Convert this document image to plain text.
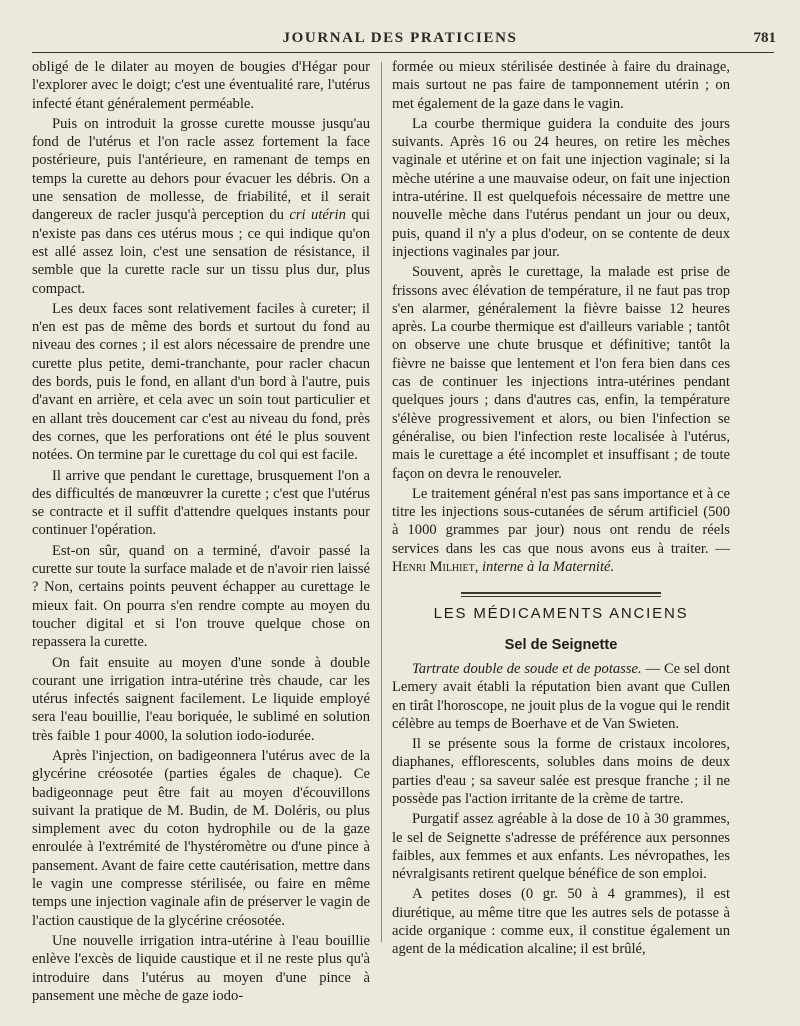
JOURNAL DES PRATICIENS	781

obligé de le dilater au moyen de bougies d'Hégar pour l'explorer avec le doigt; c'est une éventualité rare, l'utérus infecté étant généralement perméable.

Puis on introduit la grosse curette mousse jusqu'au fond de l'utérus et l'on racle assez fortement la face postérieure, puis l'antérieure, en ramenant de temps en temps la curette au dehors pour évacuer les débris. On a une sensation de mollesse, de friabilité, et il serait dangereux de racler jusqu'à perception du cri utérin qui n'existe pas dans ces utérus mous ; ce qui indique qu'on est allé assez loin, c'est une sensation de résistance, il semble que la curette racle sur un tissu plus dur, plus compact.

Les deux faces sont relativement faciles à cureter; il n'en est pas de même des bords et surtout du fond au niveau des cornes ; il est alors nécessaire de prendre une curette plus petite, demi-tranchante, pour racler chacun des bords, puis le fond, en allant d'un bord à l'autre, puis d'avant en arrière, et cela avec un soin tout particulier et en allant très doucement car c'est au niveau du fond, près des cornes, que les perforations ont été le plus souvent notées. On termine par le curettage du col qui est facile.

Il arrive que pendant le curettage, brusquement l'on a des difficultés de manœuvrer la curette ; c'est que l'utérus se contracte et il suffit d'attendre quelques instants pour continuer l'opération.

Est-on sûr, quand on a terminé, d'avoir passé la curette sur toute la surface malade et de n'avoir rien laissé ? Non, certains points peuvent échapper au curettage le mieux fait. On pourra s'en rendre compte au moyen du toucher digital et si l'on trouve quelque chose on repassera la curette.

On fait ensuite au moyen d'une sonde à double courant une irrigation intra-utérine très chaude, car les utérus infectés saignent facilement. Le liquide employé sera l'eau bouillie, l'eau boriquée, le sublimé en solution très faible 1 pour 4000, la solution iodo-iodurée.

Après l'injection, on badigeonnera l'utérus avec de la glycérine créosotée (parties égales de chaque). Ce badigeonnage peut être fait au moyen d'écouvillons suivant la pratique de M. Budin, de M. Doléris, ou plus simplement avec du coton hydrophile ou de la gaze enroulée à l'extrémité de l'hystéromètre ou d'une pince à pansement. Avant de faire cette cautérisation, mettre dans le vagin une compresse stérilisée, ou faire en même temps une injection vaginale afin de préserver le vagin de l'action caustique de la glycérine créosotée.

Une nouvelle irrigation intra-utérine à l'eau bouillie enlève l'excès de liquide caustique et il ne reste plus qu'à introduire dans l'utérus au moyen d'une pince à pansement une mèche de gaze iodo-

formée ou mieux stérilisée destinée à faire du drainage, mais surtout ne pas faire de tamponnement utérin ; on met également de la gaze dans le vagin.

La courbe thermique guidera la conduite des jours suivants. Après 16 ou 24 heures, on retire les mèches vaginale et utérine et on fait une injection vaginale; si la mèche utérine a une mauvaise odeur, on fait une injection intra-utérine. Il est quelquefois nécessaire de mettre une nouvelle mèche dans l'utérus pendant un jour ou deux, puis, quand il n'y a plus d'odeur, on se contente de deux injections vaginales par jour.

Souvent, après le curettage, la malade est prise de frissons avec élévation de température, il ne faut pas trop s'en alarmer, généralement la fièvre baisse 12 heures après. La courbe thermique est d'ailleurs variable ; tantôt on observe une chute brusque et définitive; tantôt la fièvre ne baisse que lentement et l'on fera bien dans ces cas de continuer les injections intra-utérines pendant quelques jours ; dans d'autres cas, enfin, la température s'élève progressivement et alors, ou bien l'infection se généralise, ou bien l'infection reste localisée à l'utérus, mais le curettage a été incomplet et insuffisant ; de toute façon on devra le renouveler.

Le traitement général n'est pas sans importance et à ce titre les injections sous-cutanées de sérum artificiel (500 à 1000 grammes par jour) nous ont rendu de réels services dans les cas que nous avons eus à traiter. — Henri Milhiet, interne à la Maternité.

LES MÉDICAMENTS ANCIENS
Sel de Seignette

Tartrate double de soude et de potasse. — Ce sel dont Lemery avait établi la réputation bien avant que Cullen en tirât l'horoscope, ne jouit plus de la vogue qui le rendit célèbre au temps de Boerhave et de Van Swieten.

Il se présente sous la forme de cristaux incolores, diaphanes, efflorescents, solubles dans moins de deux parties d'eau ; sa saveur salée est presque franche ; il ne possède pas l'action irritante de la crème de tartre.

Purgatif assez agréable à la dose de 10 à 30 grammes, le sel de Seignette s'adresse de préférence aux personnes faibles, aux femmes et aux enfants. Les névropathes, les névralgisants retirent quelque bénéfice de son emploi.

A petites doses (0 gr. 50 à 4 grammes), il est diurétique, au même titre que les autres sels de potasse à acide organique : comme eux, il constitue également un agent de la médication alcaline; il est brûlé,
